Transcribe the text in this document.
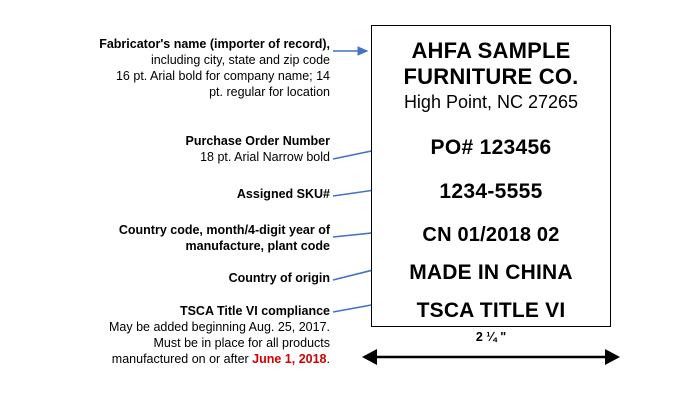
Fabricator's name (importer of record),
including city, state and zip code
16 pt. Arial bold for company name; 14
pt. regular for location
Purchase Order Number
18 pt. Arial Narrow bold
Assigned SKU#
Country code, month/4-digit year of
manufacture, plant code
Country of origin
TSCA Title VI compliance
May be added beginning Aug. 25, 2017.
Must be in place for all products
manufactured on or after June 1, 2018.
AHFA SAMPLE
FURNITURE CO.
High Point, NC 27265
PO# 123456
1234-5555
CN 01/2018 02
MADE IN CHINA
TSCA TITLE VI
2 ¼ "
